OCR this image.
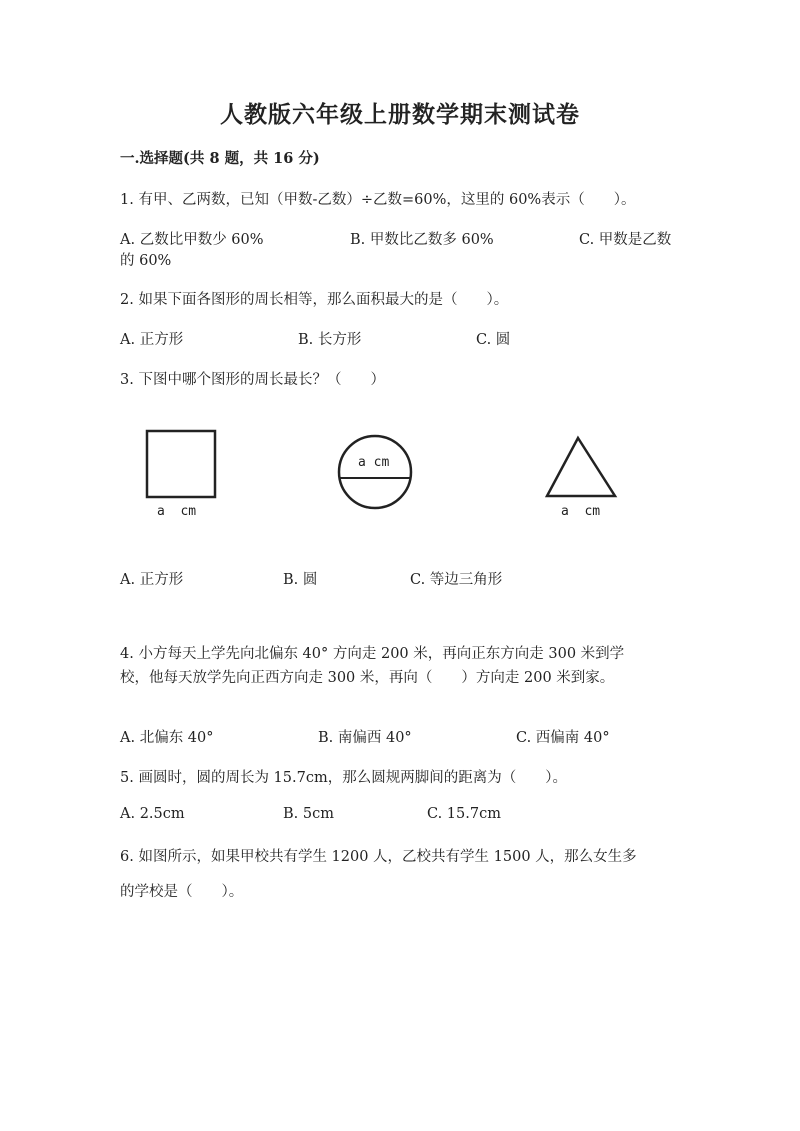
人教版六年级上册数学期末测试卷
一.选择题(共 8 题，共 16 分)
1. 有甲、乙两数，已知（甲数-乙数）÷乙数=60%，这里的 60%表示（　　）。
A. 乙数比甲数少 60%	B. 甲数比乙数多 60%	C. 甲数是乙数
的 60%
2. 如果下面各图形的周长相等，那么面积最大的是（　　）。
A. 正方形	B. 长方形	C. 圆
3. 下图中哪个图形的周长最长？（　　）
a  cm
a cm
a  cm
A. 正方形	B. 圆	C. 等边三角形
4. 小方每天上学先向北偏东 40° 方向走 200 米，再向正东方向走 300 米到学
校，他每天放学先向正西方向走 300 米，再向（　　）方向走 200 米到家。
A. 北偏东 40°	B. 南偏西 40°	C. 西偏南 40°
5. 画圆时，圆的周长为 15.7cm，那么圆规两脚间的距离为（　　）。
A. 2.5cm	B. 5cm	C. 15.7cm
6. 如图所示，如果甲校共有学生 1200 人，乙校共有学生 1500 人，那么女生多
的学校是（　　）。
